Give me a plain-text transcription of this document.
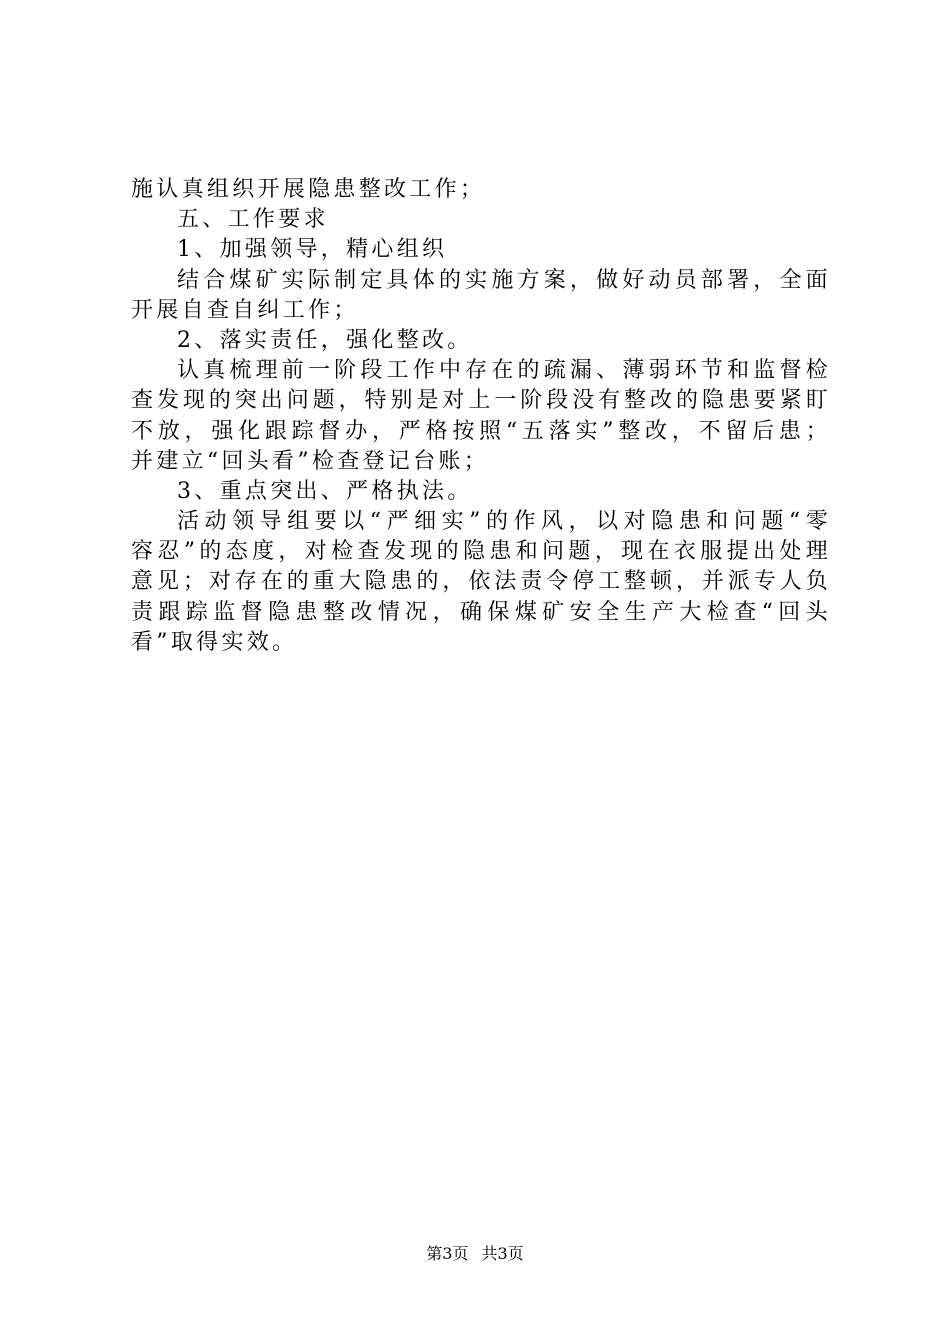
施认真组织开展隐患整改工作；
五、工作要求
1、加强领导，精心组织
结合煤矿实际制定具体的实施方案，做好动员部署，全面
开展自查自纠工作；
2、落实责任，强化整改。
认真梳理前一阶段工作中存在的疏漏、薄弱环节和监督检
查发现的突出问题，特别是对上一阶段没有整改的隐患要紧盯
不放，强化跟踪督办，严格按照“五落实”整改，不留后患；
并建立“回头看”检查登记台账；
3、重点突出、严格执法。
活动领导组要以“严细实”的作风，以对隐患和问题“零
容忍”的态度，对检查发现的隐患和问题，现在衣服提出处理
意见；对存在的重大隐患的，依法责令停工整顿，并派专人负
责跟踪监督隐患整改情况，确保煤矿安全生产大检查“回头
看”取得实效。
第3页 共3页
